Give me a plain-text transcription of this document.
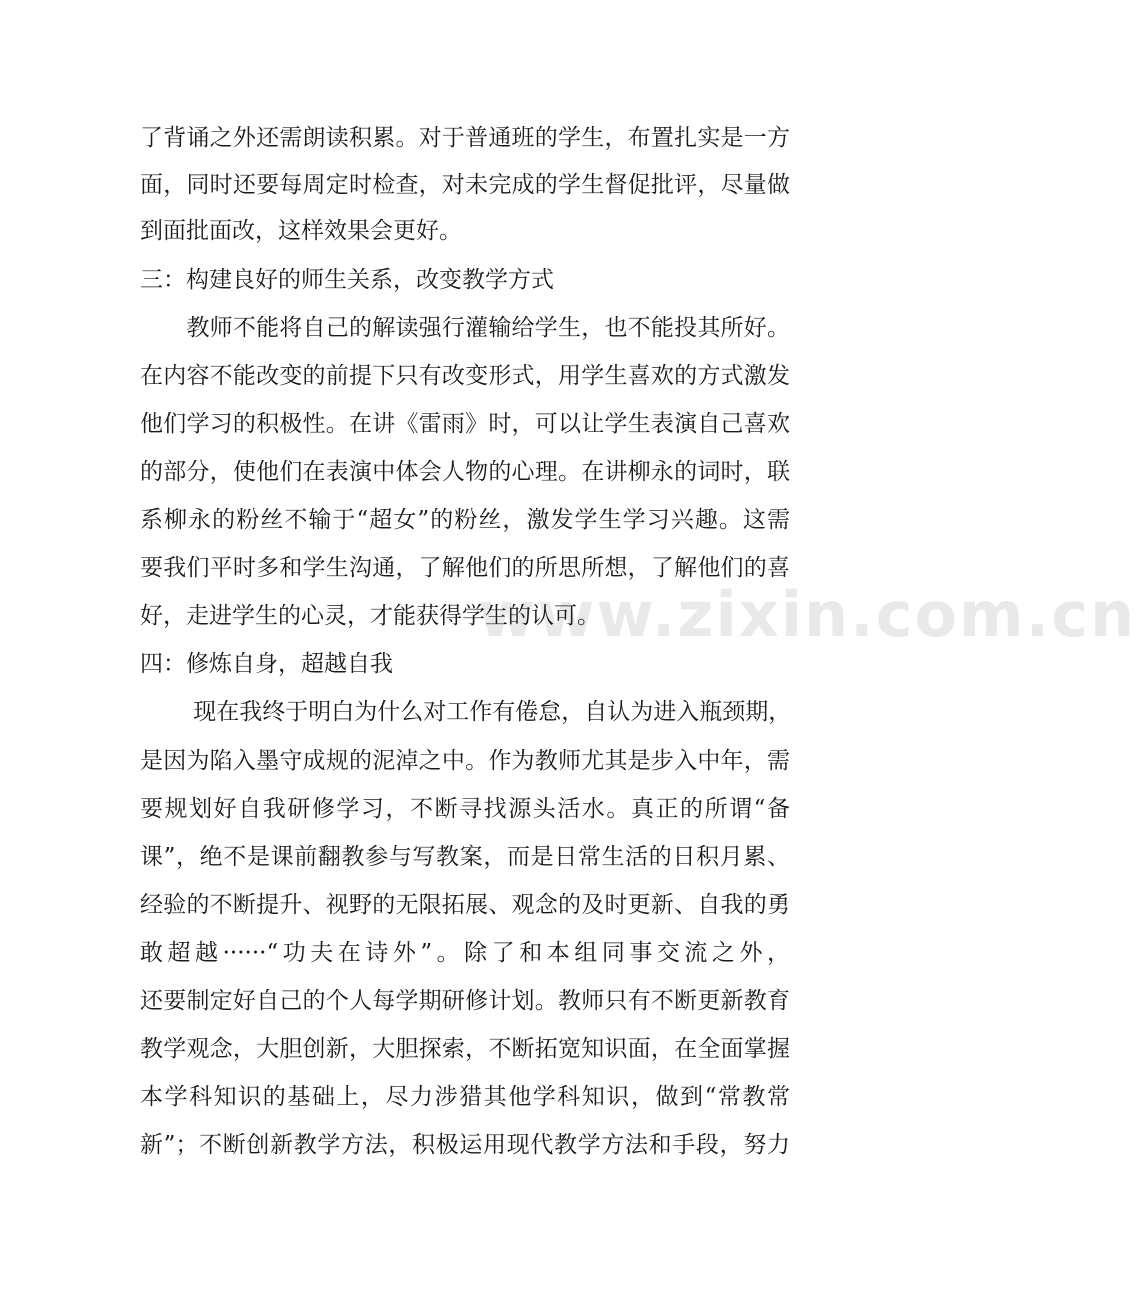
www.zixin.com.cn
了背诵之外还需朗读积累。对于普通班的学生，布置扎实是一方
面，同时还要每周定时检查，对未完成的学生督促批评，尽量做
到面批面改，这样效果会更好。
三：构建良好的师生关系，改变教学方式
　　教师不能将自己的解读强行灌输给学生，也不能投其所好。
在内容不能改变的前提下只有改变形式，用学生喜欢的方式激发
他们学习的积极性。在讲《雷雨》时，可以让学生表演自己喜欢
的部分，使他们在表演中体会人物的心理。在讲柳永的词时，联
系柳永的粉丝不输于“超女”的粉丝，激发学生学习兴趣。这需
要我们平时多和学生沟通，了解他们的所思所想，了解他们的喜
好，走进学生的心灵，才能获得学生的认可。
四：修炼自身，超越自我
　　 现在我终于明白为什么对工作有倦怠，自认为进入瓶颈期，
是因为陷入墨守成规的泥淖之中。作为教师尤其是步入中年，需
要规划好自我研修学习，不断寻找源头活水。真正的所谓“备
课”，绝不是课前翻教参与写教案，而是日常生活的日积月累、
经验的不断提升、视野的无限拓展、观念的及时更新、自我的勇
敢超越······“功夫在诗外”。除了和本组同事交流之外，
还要制定好自己的个人每学期研修计划。教师只有不断更新教育
教学观念，大胆创新，大胆探索，不断拓宽知识面，在全面掌握
本学科知识的基础上，尽力涉猎其他学科知识，做到“常教常
新”；不断创新教学方法，积极运用现代教学方法和手段，努力
